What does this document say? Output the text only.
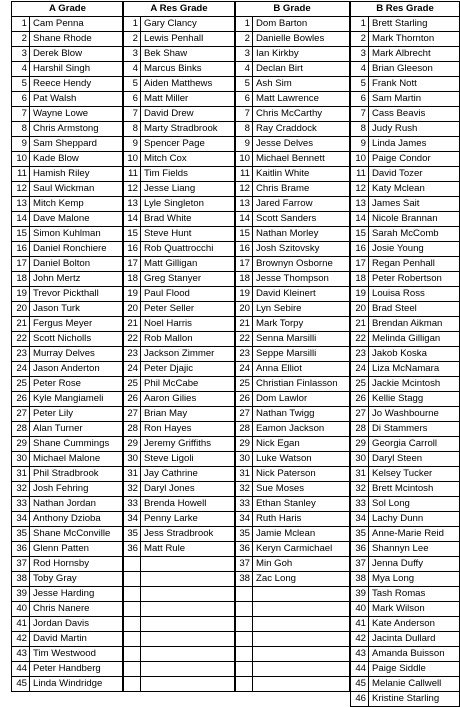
A Grade	
1	Cam Penna
2	Shane Rhode
3	Derek Blow
4	Harshil Singh
5	Reece Hendy
6	Pat Walsh
7	Wayne Lowe
8	Chris Armstong
9	Sam Sheppard
10	Kade Blow
11	Hamish Riley
12	Saul Wickman
13	Mitch Kemp
14	Dave Malone
15	Simon Kuhlman
16	Daniel Ronchiere
17	Daniel Bolton
18	John Mertz
19	Trevor Pickthall
20	Jason Turk
21	Fergus Meyer
22	Scott Nicholls
23	Murray Delves
24	Jason Anderton
25	Peter Rose
26	Kyle Mangiameli
27	Peter Lily
28	Alan Turner
29	Shane Cummings
30	Michael Malone
31	Phil Stradbrook
32	Josh Fehring
33	Nathan Jordan
34	Anthony Dzioba
35	Shane McConville
36	Glenn Patten
37	Rod Hornsby
38	Toby Gray
39	Jesse Harding
40	Chris Nanere
41	Jordan Davis
42	David Martin
43	Tim Westwood
44	Peter Handberg
45	Linda Windridge
A Res Grade	
1	Gary Clancy
2	Lewis Penhall
3	Bek Shaw
4	Marcus Binks
5	Aiden Matthews
6	Matt Miller
7	David Drew
8	Marty Stradbrook
9	Spencer Page
10	Mitch Cox
11	Tim Fields
12	Jesse Liang
13	Lyle Singleton
14	Brad White
15	Steve Hunt
16	Rob Quattrocchi
17	Matt Gilligan
18	Greg Stanyer
19	Paul Flood
20	Peter Seller
21	Noel Harris
22	Rob Mallon
23	Jackson Zimmer
24	Peter Djajic
25	Phil McCabe
26	Aaron Gilies
27	Brian May
28	Ron Hayes
29	Jeremy Griffiths
30	Steve Ligoli
31	Jay Cathrine
32	Daryl Jones
33	Brenda Howell
34	Penny Larke
35	Jess Stradbrook
36	Matt Rule

B Grade	
1	Dom Barton
2	Danielle Bowles
3	Ian Kirkby
4	Declan Birt
5	Ash Sim
6	Matt Lawrence
7	Chris McCarthy
8	Ray Craddock
9	Jesse Delves
10	Michael Bennett
11	Kaitlin White
12	Chris Brame
13	Jared Farrow
14	Scott Sanders
15	Nathan Morley
16	Josh Szitovsky
17	Brownyn Osborne
18	Jesse Thompson
19	David Kleinert
20	Lyn Sebire
21	Mark Torpy
22	Senna Marsilli
23	Seppe Marsilli
24	Anna Elliot
25	Christian Finlasson
26	Dom Lawlor
27	Nathan Twigg
28	Eamon Jackson
29	Nick Egan
30	Luke Watson
31	Nick Paterson
32	Sue Moses
33	Ethan Stanley
34	Ruth Haris
35	Jamie Mclean
36	Keryn Carmichael
37	Min Goh
38	Zac Long

B Res Grade	
1	Brett Starling
2	Mark Thornton
3	Mark Albrecht
4	Brian Gleeson
5	Frank Nott
6	Sam Martin
7	Cass Beavis
8	Judy Rush
9	Linda James
10	Paige Condor
11	David Tozer
12	Katy Mclean
13	James Sait
14	Nicole Brannan
15	Sarah McComb
16	Josie Young
17	Regan Penhall
18	Peter Robertson
19	Louisa Ross
20	Brad Steel
21	Brendan Aikman
22	Melinda Gilligan
23	Jakob Koska
24	Liza McNamara
25	Jackie Mcintosh
26	Kellie Stagg
27	Jo Washbourne
28	Di Stammers
29	Georgia Carroll
30	Daryl Steen
31	Kelsey Tucker
32	Brett Mcintosh
33	Sol Long
34	Lachy Dunn
35	Anne-Marie Reid
36	Shannyn Lee
37	Jenna Duffy
38	Mya Long
39	Tash Romas
40	Mark Wilson
41	Kate Anderson
42	Jacinta Dullard
43	Amanda Buisson
44	Paige Siddle
45	Melanie Callwell
46	Kristine Starling
